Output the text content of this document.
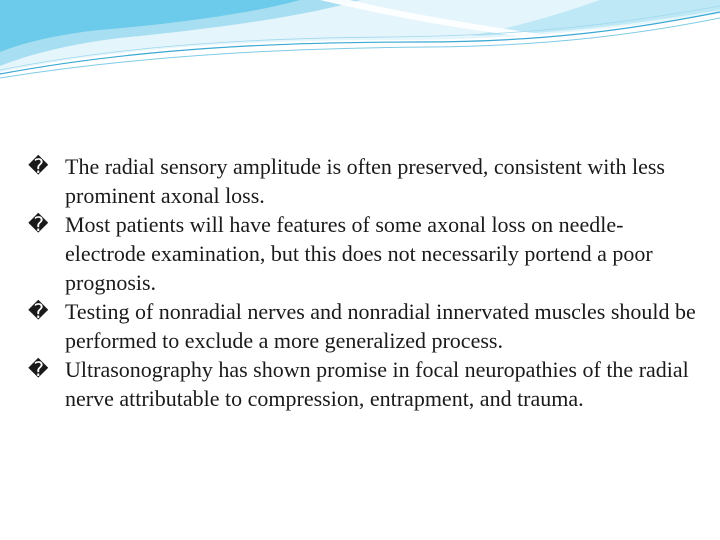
� The radial sensory amplitude is often preserved, consistent with less prominent axonal loss.

� Most patients will have features of some axonal loss on needle-electrode examination, but this does not necessarily portend a poor prognosis.

� Testing of nonradial nerves and nonradial innervated muscles should be performed to exclude a more generalized process.

� Ultrasonography has shown promise in focal neuropathies of the radial nerve attributable to compression, entrapment, and trauma.
